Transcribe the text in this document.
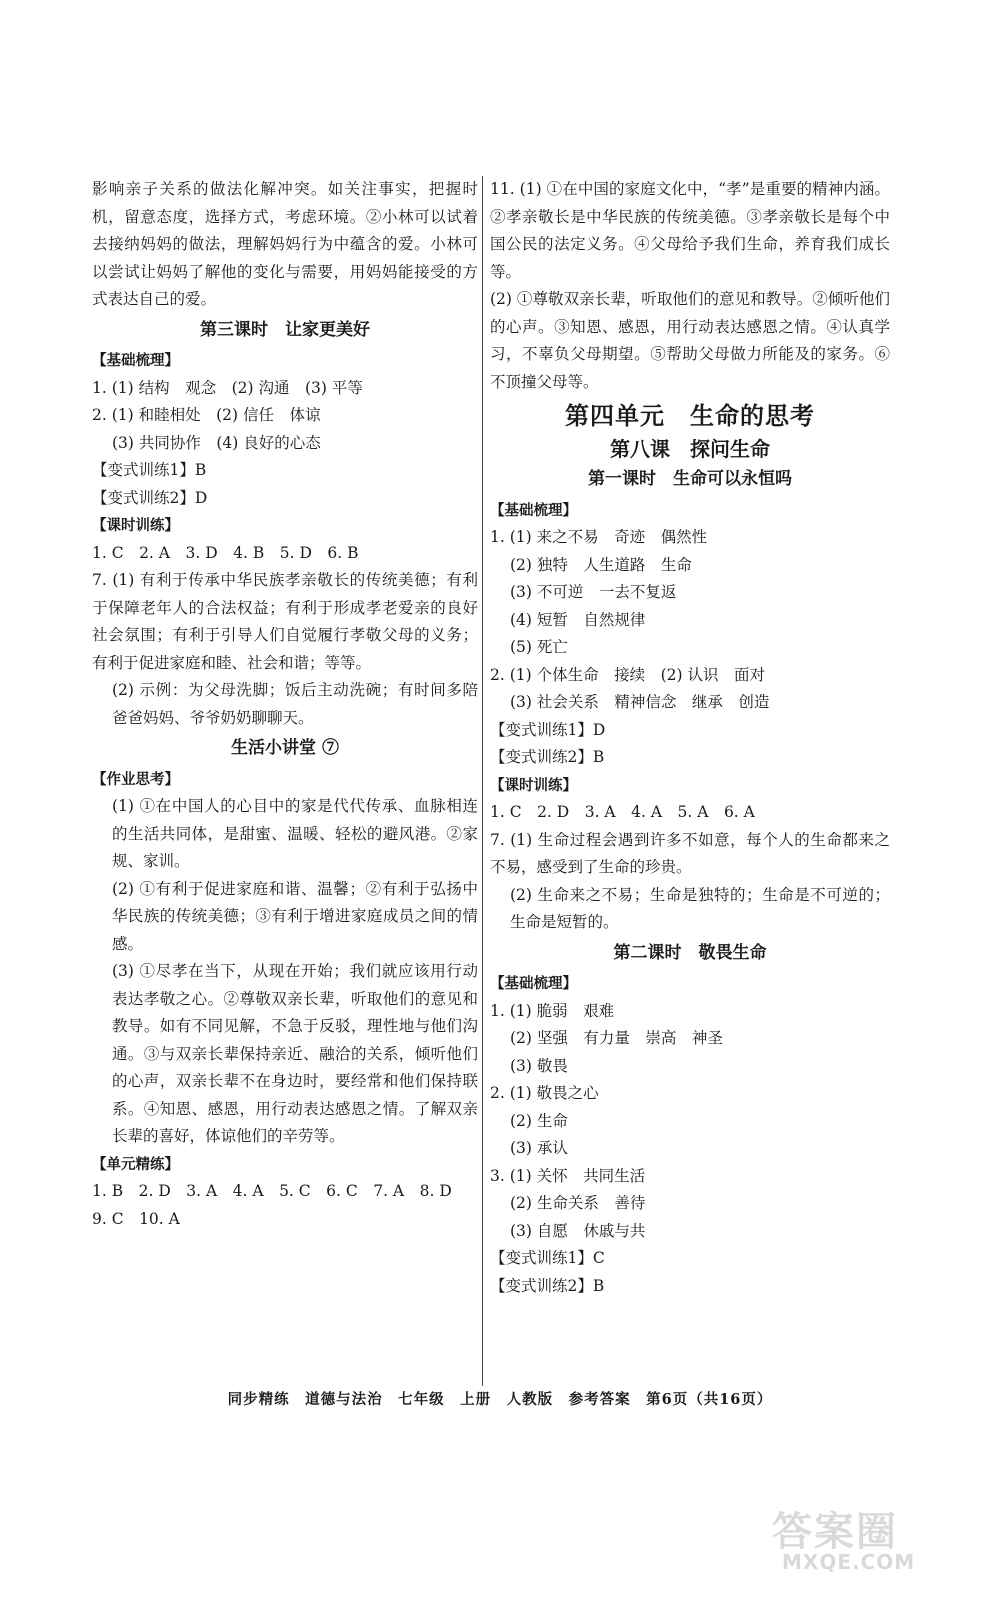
影响亲子关系的做法化解冲突。如关注事实，把握时机，留意态度，选择方式，考虑环境。②小林可以试着去接纳妈妈的做法，理解妈妈行为中蕴含的爱。小林可以尝试让妈妈了解他的变化与需要，用妈妈能接受的方式表达自己的爱。

第三课时　让家更美好

【基础梳理】

1. (1) 结构　观念　(2) 沟通　(3) 平等

2. (1) 和睦相处　(2) 信任　体谅

(3) 共同协作　(4) 良好的心态

【变式训练1】B

【变式训练2】D

【课时训练】

1. C　2. A　3. D　4. B　5. D　6. B

7. (1) 有利于传承中华民族孝亲敬长的传统美德；有利于保障老年人的合法权益；有利于形成孝老爱亲的良好社会氛围；有利于引导人们自觉履行孝敬父母的义务；有利于促进家庭和睦、社会和谐；等等。

(2) 示例：为父母洗脚；饭后主动洗碗；有时间多陪爸爸妈妈、爷爷奶奶聊聊天。

生活小讲堂 ⑦

【作业思考】

(1) ①在中国人的心目中的家是代代传承、血脉相连的生活共同体，是甜蜜、温暖、轻松的避风港。②家规、家训。

(2) ①有利于促进家庭和谐、温馨；②有利于弘扬中华民族的传统美德；③有利于增进家庭成员之间的情感。

(3) ①尽孝在当下，从现在开始；我们就应该用行动表达孝敬之心。②尊敬双亲长辈，听取他们的意见和教导。如有不同见解，不急于反驳，理性地与他们沟通。③与双亲长辈保持亲近、融洽的关系，倾听他们的心声，双亲长辈不在身边时，要经常和他们保持联系。④知恩、感恩，用行动表达感恩之情。了解双亲长辈的喜好，体谅他们的辛劳等。

【单元精练】

1. B　2. D　3. A　4. A　5. C　6. C　7. A　8. D

9. C　10. A

11. (1) ①在中国的家庭文化中，“孝”是重要的精神内涵。②孝亲敬长是中华民族的传统美德。③孝亲敬长是每个中国公民的法定义务。④父母给予我们生命，养育我们成长等。

(2) ①尊敬双亲长辈，听取他们的意见和教导。②倾听他们的心声。③知恩、感恩，用行动表达感恩之情。④认真学习，不辜负父母期望。⑤帮助父母做力所能及的家务。⑥不顶撞父母等。

第四单元　生命的思考
第八课　探问生命
第一课时　生命可以永恒吗

【基础梳理】

1. (1) 来之不易　奇迹　偶然性

(2) 独特　人生道路　生命

(3) 不可逆　一去不复返

(4) 短暂　自然规律

(5) 死亡

2. (1) 个体生命　接续　(2) 认识　面对

(3) 社会关系　精神信念　继承　创造

【变式训练1】D

【变式训练2】B

【课时训练】

1. C　2. D　3. A　4. A　5. A　6. A

7. (1) 生命过程会遇到许多不如意，每个人的生命都来之不易，感受到了生命的珍贵。

(2) 生命来之不易；生命是独特的；生命是不可逆的；生命是短暂的。

第二课时　敬畏生命

【基础梳理】

1. (1) 脆弱　艰难

(2) 坚强　有力量　崇高　神圣

(3) 敬畏

2. (1) 敬畏之心

(2) 生命

(3) 承认

3. (1) 关怀　共同生活

(2) 生命关系　善待

(3) 自愿　休戚与共

【变式训练1】C

【变式训练2】B

同步精练　道德与法治　七年级　上册　人教版　参考答案　第6页（共16页）
答案圈
MXQE.COM
